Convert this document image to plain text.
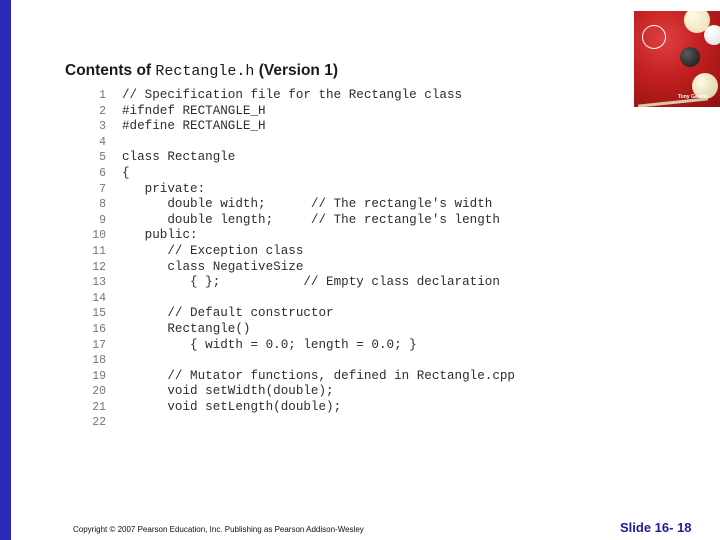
Contents of Rectangle.h (Version 1)
1 // Specification file for the Rectangle class
2 #ifndef RECTANGLE_H
3 #define RECTANGLE_H
4
5 class Rectangle
6 {
7   private:
8      double width;      // The rectangle's width
9      double length;     // The rectangle's length
10   public:
11      // Exception class
12      class NegativeSize
13         { };           // Empty class declaration
14
15      // Default constructor
16      Rectangle()
17         { width = 0.0; length = 0.0; }
18
19      // Mutator functions, defined in Rectangle.cpp
20      void setWidth(double);
21      void setLength(double);
22
Tony Gaddis

Copyright © 2007 Pearson Education, Inc. Publishing as Pearson Addison-Wesley	Slide 16- 18
